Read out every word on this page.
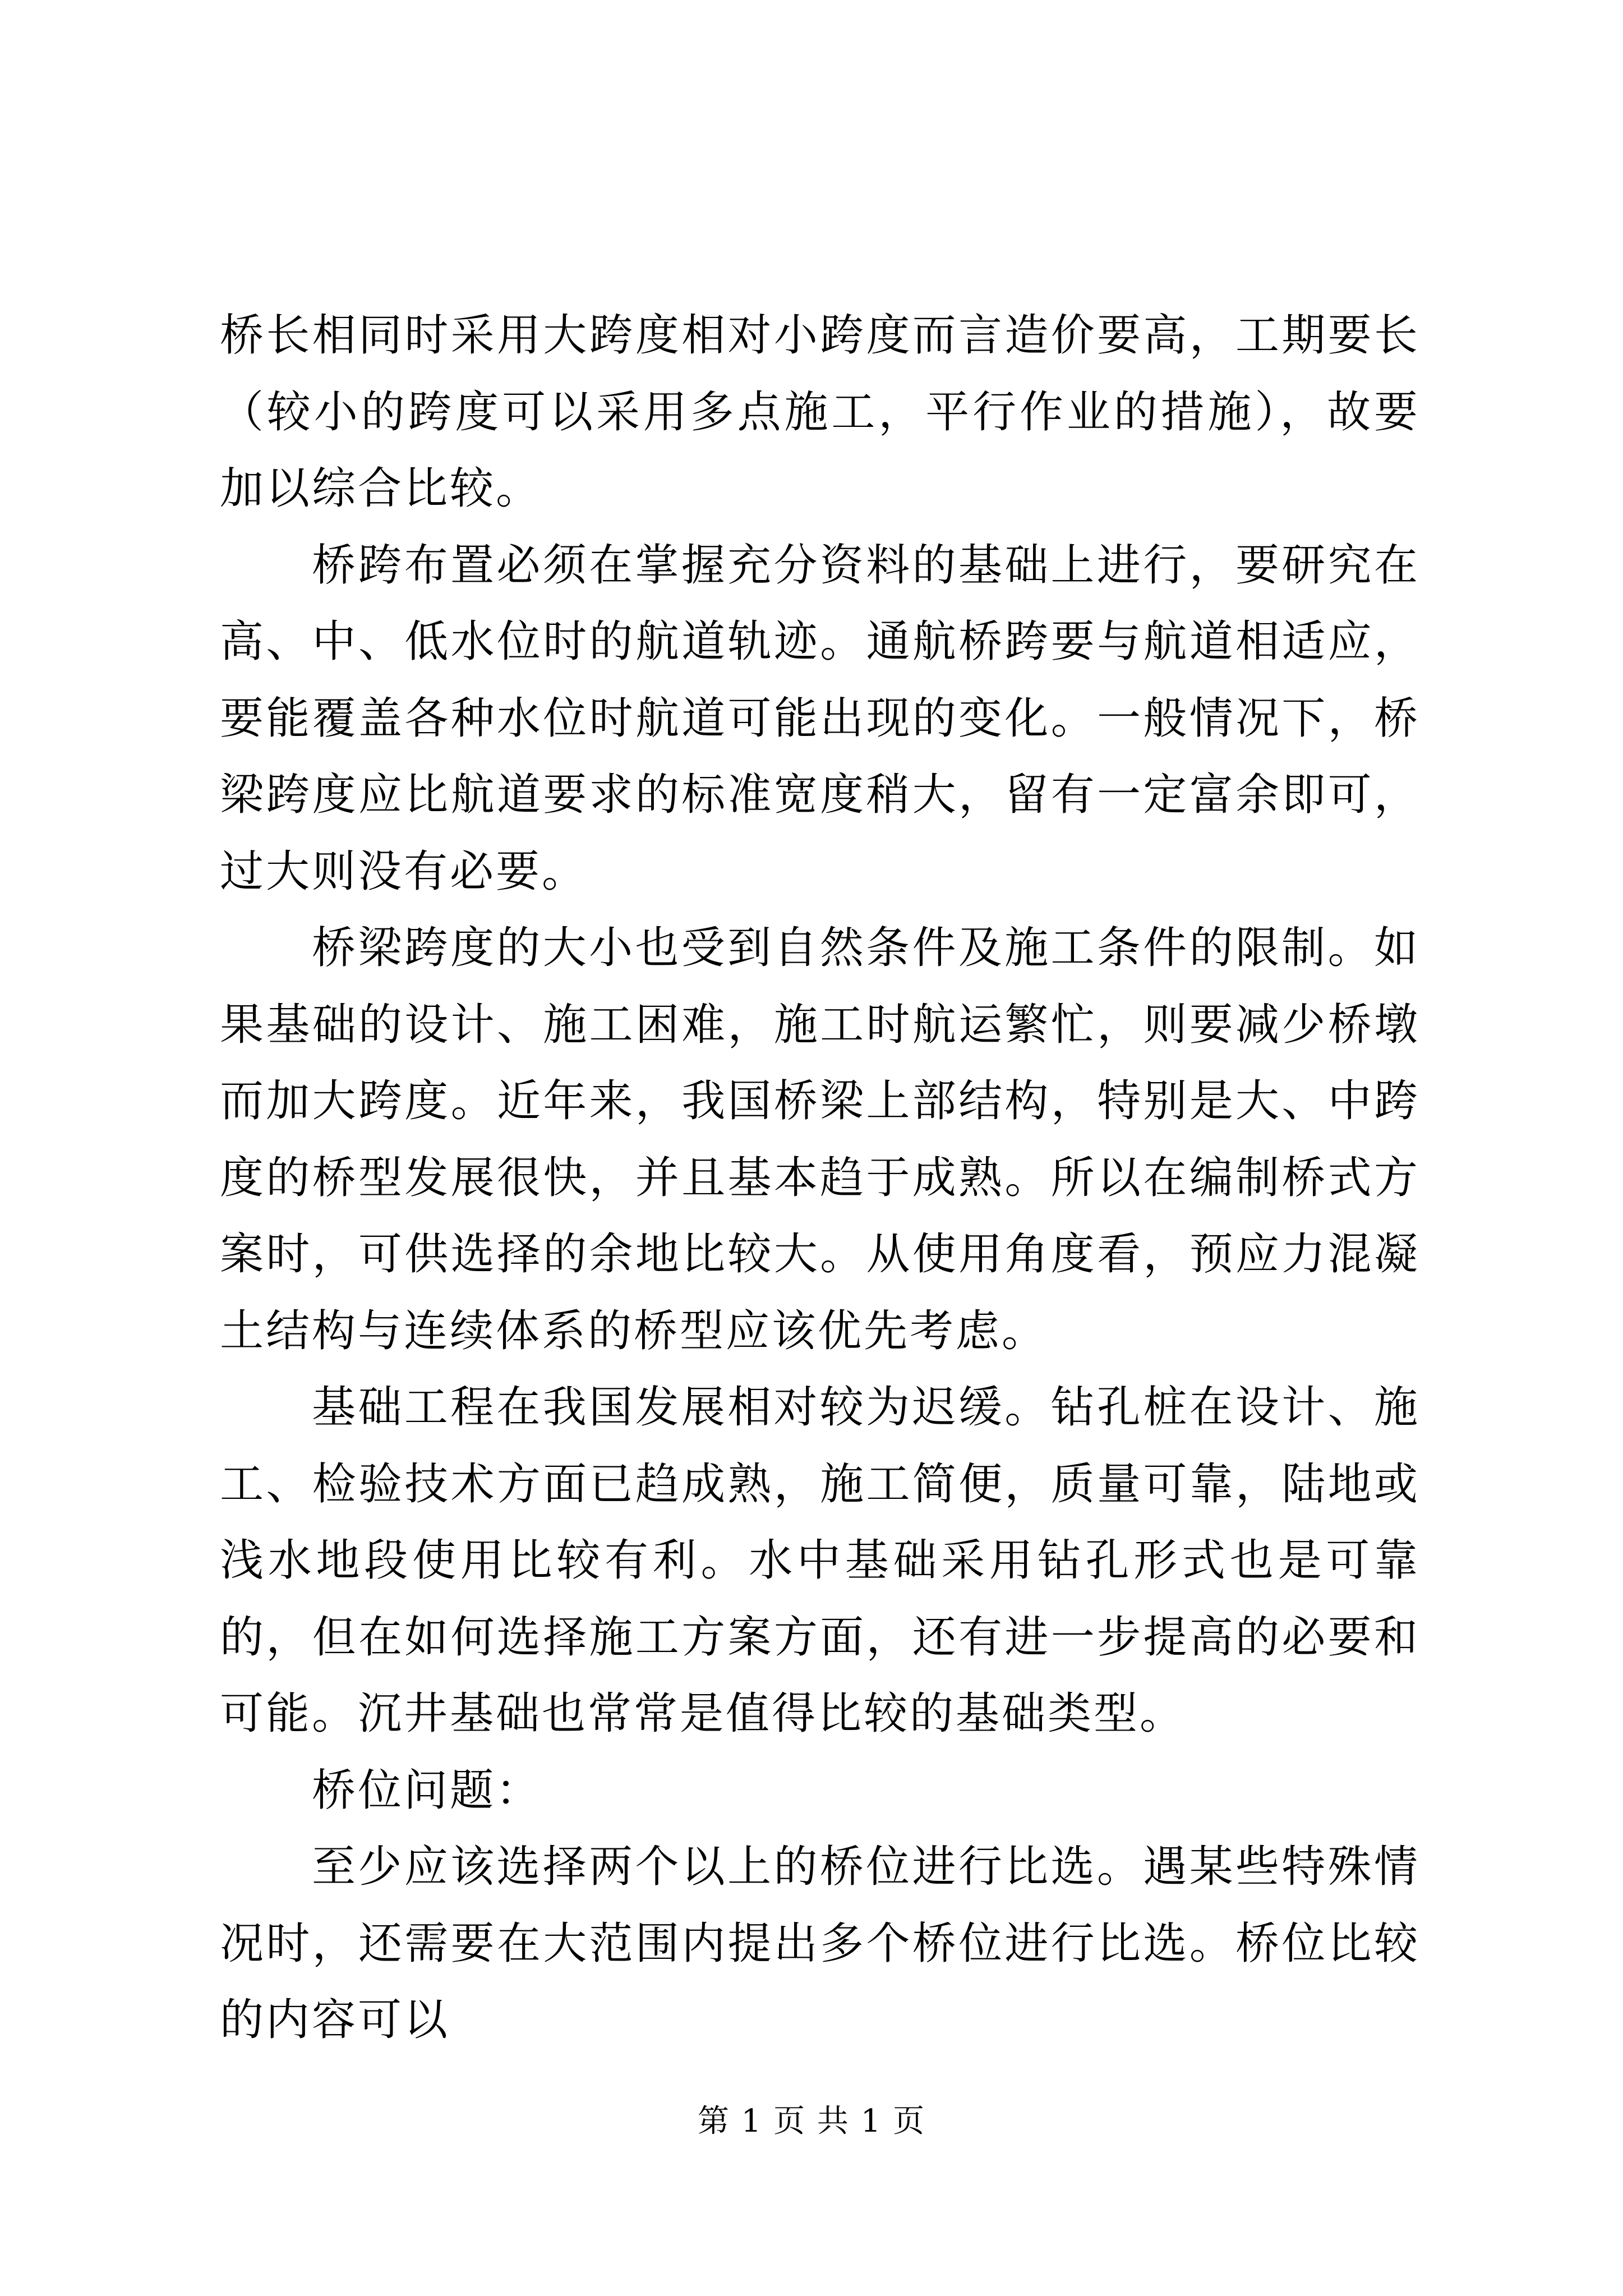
桥长相同时采用大跨度相对小跨度而言造价要高，工期要长（较小的跨度可以采用多点施工，平行作业的措施），故要加以综合比较。

桥跨布置必须在掌握充分资料的基础上进行，要研究在高、中、低水位时的航道轨迹。通航桥跨要与航道相适应，要能覆盖各种水位时航道可能出现的变化。一般情况下，桥梁跨度应比航道要求的标准宽度稍大，留有一定富余即可，过大则没有必要。

桥梁跨度的大小也受到自然条件及施工条件的限制。如果基础的设计、施工困难，施工时航运繁忙，则要减少桥墩而加大跨度。近年来，我国桥梁上部结构，特别是大、中跨度的桥型发展很快，并且基本趋于成熟。所以在编制桥式方案时，可供选择的余地比较大。从使用角度看，预应力混凝土结构与连续体系的桥型应该优先考虑。

基础工程在我国发展相对较为迟缓。钻孔桩在设计、施工、检验技术方面已趋成熟，施工简便，质量可靠，陆地或浅水地段使用比较有利。水中基础采用钻孔形式也是可靠的，但在如何选择施工方案方面，还有进一步提高的必要和可能。沉井基础也常常是值得比较的基础类型。

桥位问题：

至少应该选择两个以上的桥位进行比选。遇某些特殊情况时，还需要在大范围内提出多个桥位进行比选。桥位比较的内容可以

第 1 页 共 1 页
